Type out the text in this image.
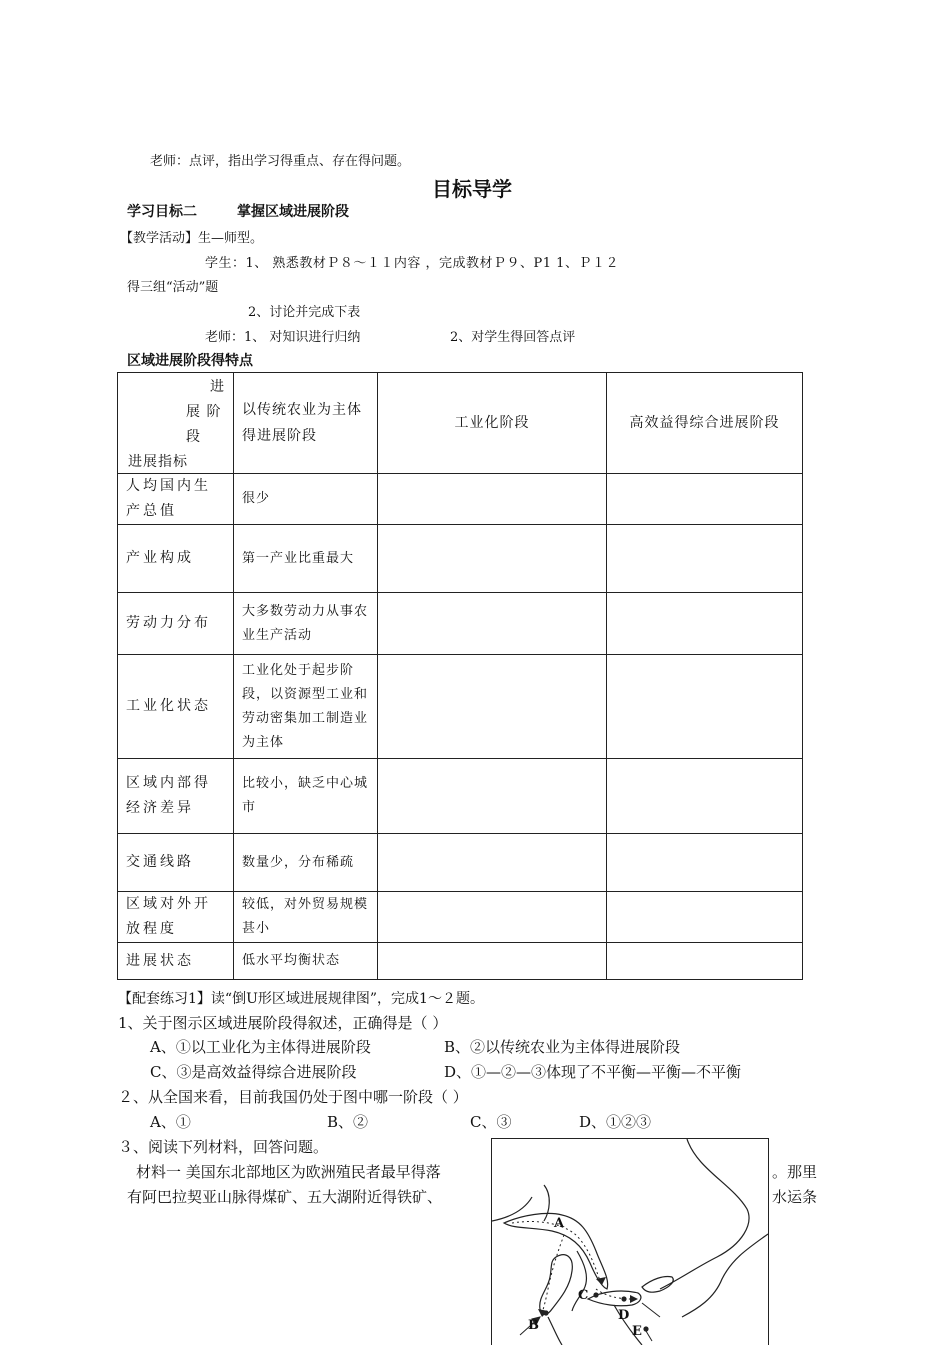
老师：点评，指出学习得重点、存在得问题。
目标导学
学习目标二	掌握区域进展阶段
【教学活动】生—师型。
学生：1、 熟悉教材Ｐ８～１１内容 ，完成教材Ｐ９、P1 1、Ｐ１２
得三组“活动”题
2、讨论并完成下表
老师：1、 对知识进行归纳	2、对学生得回答点评
区域进展阶段得特点
进
展 阶
段
进展指标	以传统农业为主体得进展阶段	工业化阶段	高效益得综合进展阶段
人均国内生产总值	很少		
产业构成	第一产业比重最大		
劳动力分布	大多数劳动力从事农业生产活动		
工业化状态	工业化处于起步阶段，以资源型工业和劳动密集加工制造业为主体		
区域内部得经济差异	比较小，缺乏中心城市		
交通线路	数量少，分布稀疏		
区域对外开放程度	较低，对外贸易规模甚小		
进展状态	低水平均衡状态		
【配套练习1】读“倒U形区域进展规律图”，完成1～２题。
1、关于图示区域进展阶段得叙述，正确得是（ ）
A、①以工业化为主体得进展阶段	B、②以传统农业为主体得进展阶段
C、③是高效益得综合进展阶段	D、①—②—③体现了不平衡—平衡—不平衡
２、从全国来看，目前我国仍处于图中哪一阶段（ ）
A、①	B、②	C、③	D、①②③
３、阅读下列材料，回答问题。
材料一 美国东北部地区为欧洲殖民者最早得落	。那里
有阿巴拉契亚山脉得煤矿、五大湖附近得铁矿、	水运条
A
B
C
D
E
